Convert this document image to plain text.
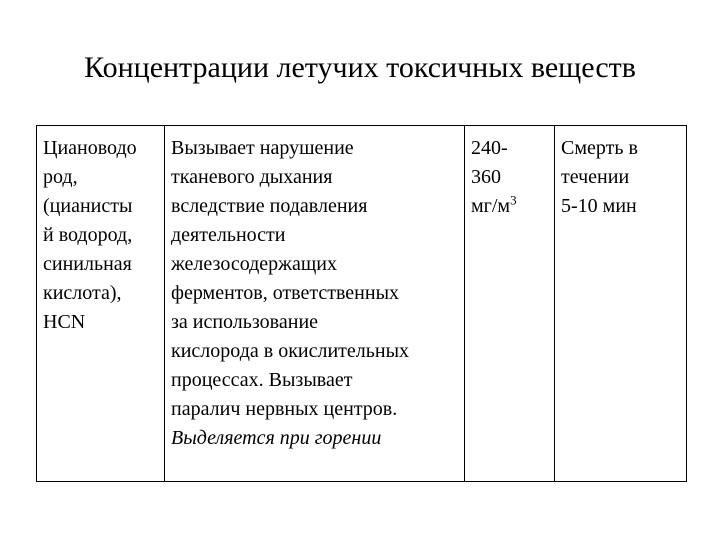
Концентрации летучих токсичных веществ
Циановодо
род,
(цианисты
й водород,
синильная
кислота),
HCN

Вызывает нарушение
тканевого дыхания
вследствие подавления
деятельности
железосодержащих
ферментов, ответственных
за использование
кислорода в окислительных
процессах. Вызывает
паралич нервных центров.
Выделяется при горении

240-
360
$мг/м^3$

Смерть в
течении
5-10 мин
